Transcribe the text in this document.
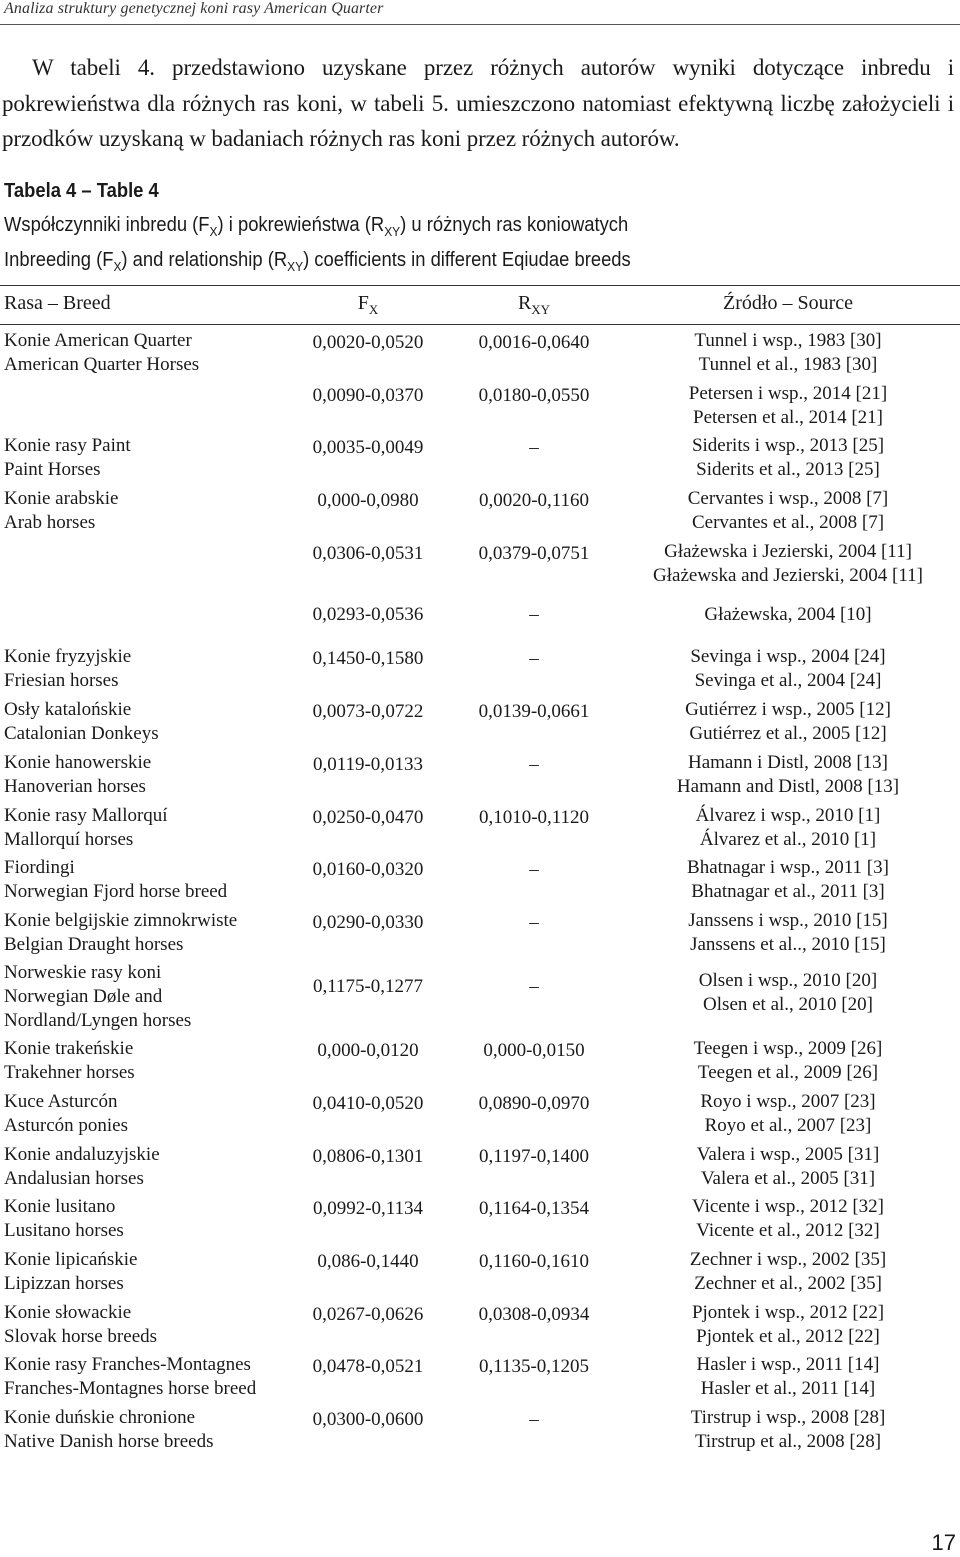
Analiza struktury genetycznej koni rasy American Quarter

W tabeli 4. przedstawiono uzyskane przez różnych autorów wyniki dotyczące inbredu i pokrewieństwa dla różnych ras koni, w tabeli 5. umieszczono natomiast efektywną liczbę założycieli i przodków uzyskaną w badaniach różnych ras koni przez różnych autorów.

Tabela 4 – Table 4
Współczynniki inbredu $(F_X)$ i pokrewieństwa $(R_{XY})$ u różnych ras koniowatych
Inbreeding $(F_X)$ and relationship $(R_{XY})$ coefficients in different Eqiudae breeds
Rasa – Breed	$F_X$	$R_{XY}$	Źródło – Source
Konie American Quarter
American Quarter Horses
0,0020-0,0520	0,0016-0,0640	Tunnel i wsp., 1983 [30]
Tunnel et al., 1983 [30]
0,0090-0,0370	0,0180-0,0550	Petersen i wsp., 2014 [21]
Petersen et al., 2014 [21]
Konie rasy Paint
Paint Horses
0,0035-0,0049	–	Siderits i wsp., 2013 [25]
Siderits et al., 2013 [25]
Konie arabskie
Arab horses
0,000-0,0980	0,0020-0,1160	Cervantes i wsp., 2008 [7]
Cervantes et al., 2008 [7]
0,0306-0,0531	0,0379-0,0751	Głażewska i Jezierski, 2004 [11]
Głażewska and Jezierski, 2004 [11]
0,0293-0,0536	–	Głażewska, 2004 [10]
Konie fryzyjskie
Friesian horses
0,1450-0,1580	–	Sevinga i wsp., 2004 [24]
Sevinga et al., 2004 [24]
Osły katalońskie
Catalonian Donkeys
0,0073-0,0722	0,0139-0,0661	Gutiérrez i wsp., 2005 [12]
Gutiérrez et al., 2005 [12]
Konie hanowerskie
Hanoverian horses
0,0119-0,0133	–	Hamann i Distl, 2008 [13]
Hamann and Distl, 2008 [13]
Konie rasy Mallorquí
Mallorquí horses
0,0250-0,0470	0,1010-0,1120	Álvarez i wsp., 2010 [1]
Álvarez et al., 2010 [1]
Fiordingi
Norwegian Fjord horse breed
0,0160-0,0320	–	Bhatnagar i wsp., 2011 [3]
Bhatnagar et al., 2011 [3]
Konie belgijskie zimnokrwiste
Belgian Draught horses
0,0290-0,0330	–	Janssens i wsp., 2010 [15]
Janssens et al.., 2010 [15]
Norweskie rasy koni
Norwegian Døle and
Nordland/Lyngen horses
0,1175-0,1277	–	Olsen i wsp., 2010 [20]
Olsen et al., 2010 [20]
Konie trakeńskie
Trakehner horses
0,000-0,0120	0,000-0,0150	Teegen i wsp., 2009 [26]
Teegen et al., 2009 [26]
Kuce Asturcón
Asturcón ponies
0,0410-0,0520	0,0890-0,0970	Royo i wsp., 2007 [23]
Royo et al., 2007 [23]
Konie andaluzyjskie
Andalusian horses
0,0806-0,1301	0,1197-0,1400	Valera i wsp., 2005 [31]
Valera et al., 2005 [31]
Konie lusitano
Lusitano horses
0,0992-0,1134	0,1164-0,1354	Vicente i wsp., 2012 [32]
Vicente et al., 2012 [32]
Konie lipicańskie
Lipizzan horses
0,086-0,1440	0,1160-0,1610	Zechner i wsp., 2002 [35]
Zechner et al., 2002 [35]
Konie słowackie
Slovak horse breeds
0,0267-0,0626	0,0308-0,0934	Pjontek i wsp., 2012 [22]
Pjontek et al., 2012 [22]
Konie rasy Franches-Montagnes
Franches-Montagnes horse breed
0,0478-0,0521	0,1135-0,1205	Hasler i wsp., 2011 [14]
Hasler et al., 2011 [14]
Konie duńskie chronione
Native Danish horse breeds
0,0300-0,0600	–	Tirstrup i wsp., 2008 [28]
Tirstrup et al., 2008 [28]
17
